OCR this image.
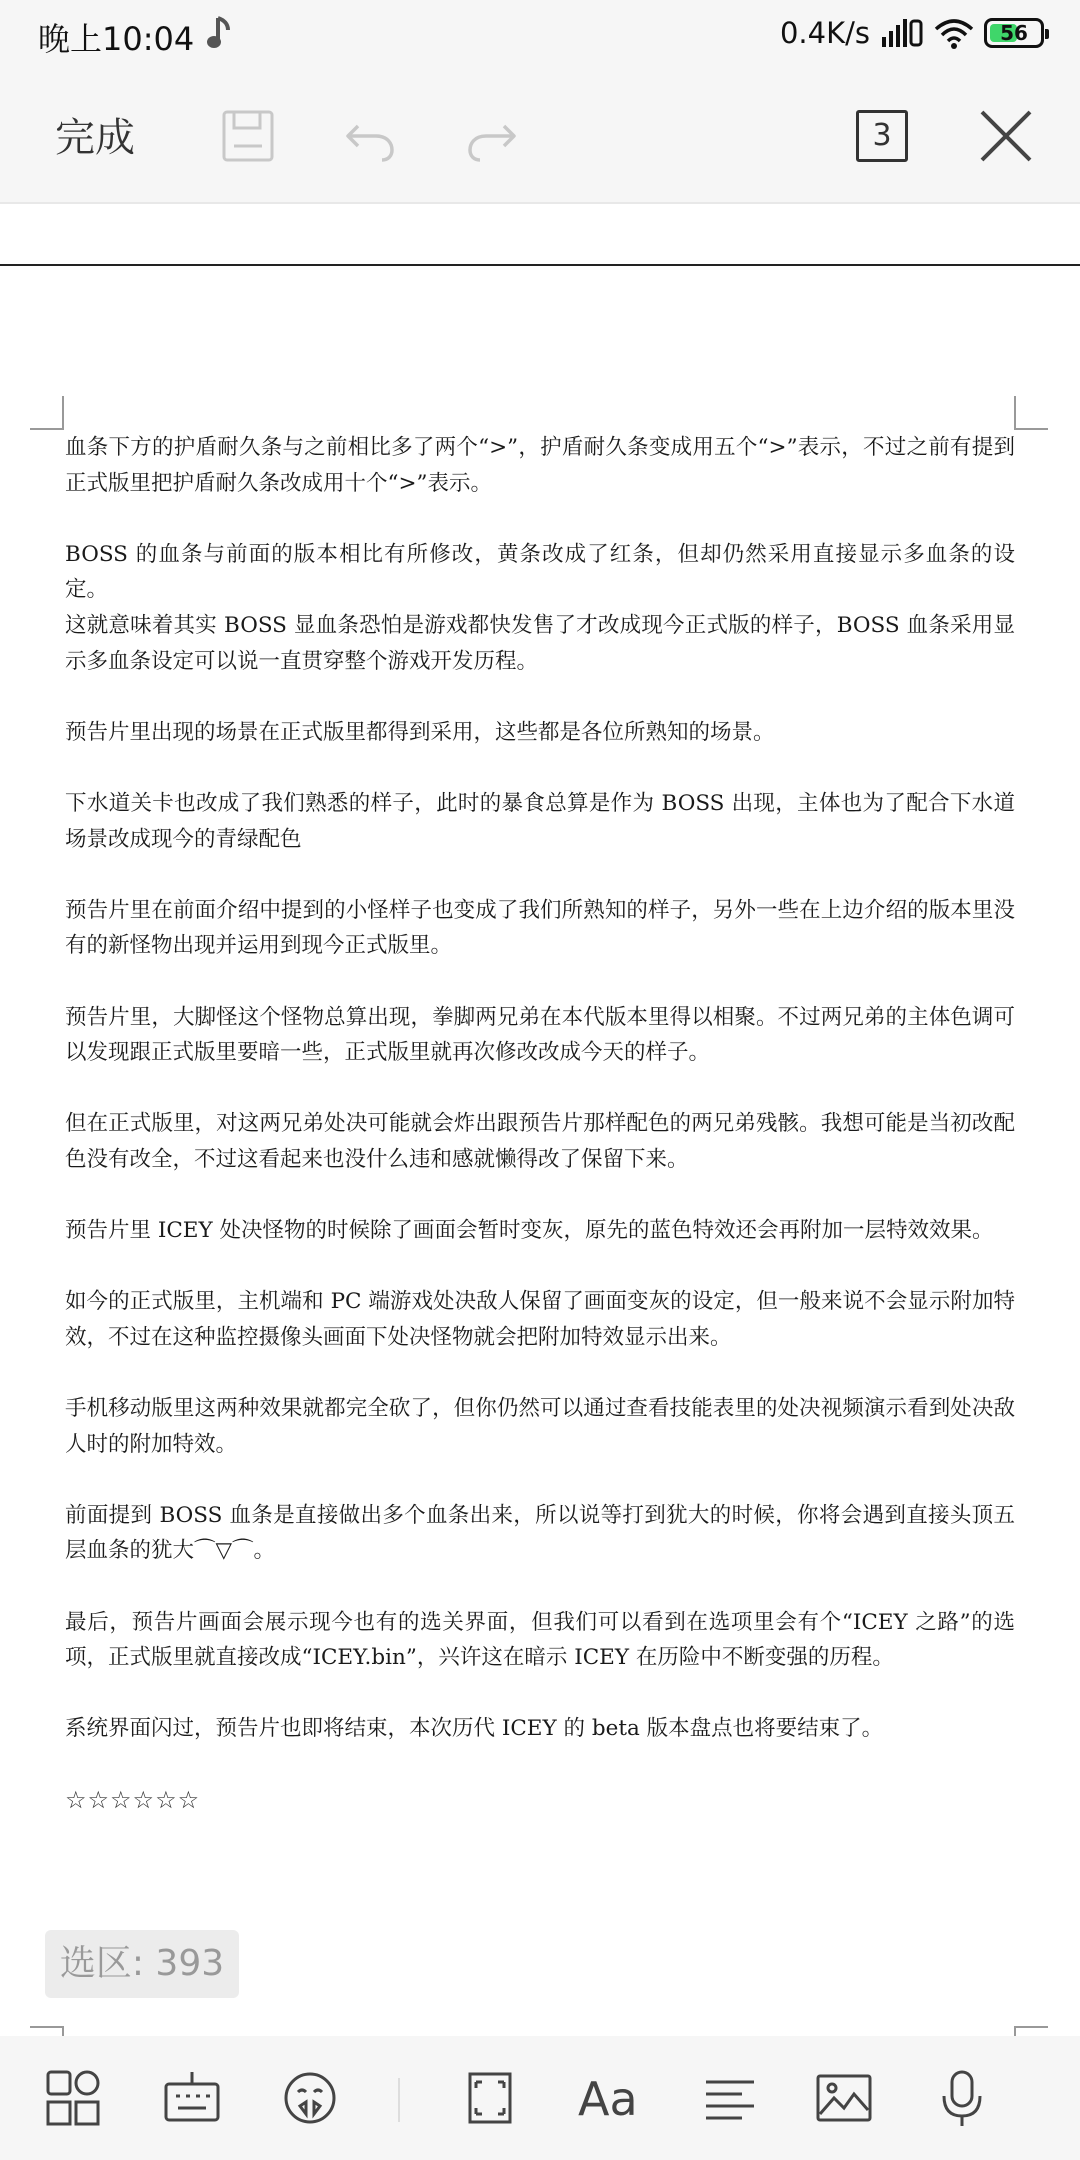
晚上10:04	0.4K/s	56
完成	3

血条下方的护盾耐久条与之前相比多了两个“>”，护盾耐久条变成用五个“>”表示，不过之前有提到正式版里把护盾耐久条改成用十个“>”表示。

BOSS 的血条与前面的版本相比有所修改，黄条改成了红条，但却仍然采用直接显示多血条的设定。

这就意味着其实 BOSS 显血条恐怕是游戏都快发售了才改成现今正式版的样子，BOSS 血条采用显示多血条设定可以说一直贯穿整个游戏开发历程。

预告片里出现的场景在正式版里都得到采用，这些都是各位所熟知的场景。

下水道关卡也改成了我们熟悉的样子，此时的暴食总算是作为 BOSS 出现，主体也为了配合下水道场景改成现今的青绿配色

预告片里在前面介绍中提到的小怪样子也变成了我们所熟知的样子，另外一些在上边介绍的版本里没有的新怪物出现并运用到现今正式版里。

预告片里，大脚怪这个怪物总算出现，拳脚两兄弟在本代版本里得以相聚。不过两兄弟的主体色调可以发现跟正式版里要暗一些，正式版里就再次修改改成今天的样子。

但在正式版里，对这两兄弟处决可能就会炸出跟预告片那样配色的两兄弟残骸。我想可能是当初改配色没有改全，不过这看起来也没什么违和感就懒得改了保留下来。

预告片里 ICEY 处决怪物的时候除了画面会暂时变灰，原先的蓝色特效还会再附加一层特效效果。

如今的正式版里，主机端和 PC 端游戏处决敌人保留了画面变灰的设定，但一般来说不会显示附加特效，不过在这种监控摄像头画面下处决怪物就会把附加特效显示出来。

手机移动版里这两种效果就都完全砍了，但你仍然可以通过查看技能表里的处决视频演示看到处决敌人时的附加特效。

前面提到 BOSS 血条是直接做出多个血条出来，所以说等打到犹大的时候，你将会遇到直接头顶五层血条的犹大⌒▽⌒。

最后，预告片画面会展示现今也有的选关界面，但我们可以看到在选项里会有个“ICEY 之路”的选项，正式版里就直接改成“ICEY.bin”，兴许这在暗示 ICEY 在历险中不断变强的历程。

系统界面闪过，预告片也即将结束，本次历代 ICEY 的 beta 版本盘点也将要结束了。

☆☆☆☆☆☆

选区: 393
Aa
